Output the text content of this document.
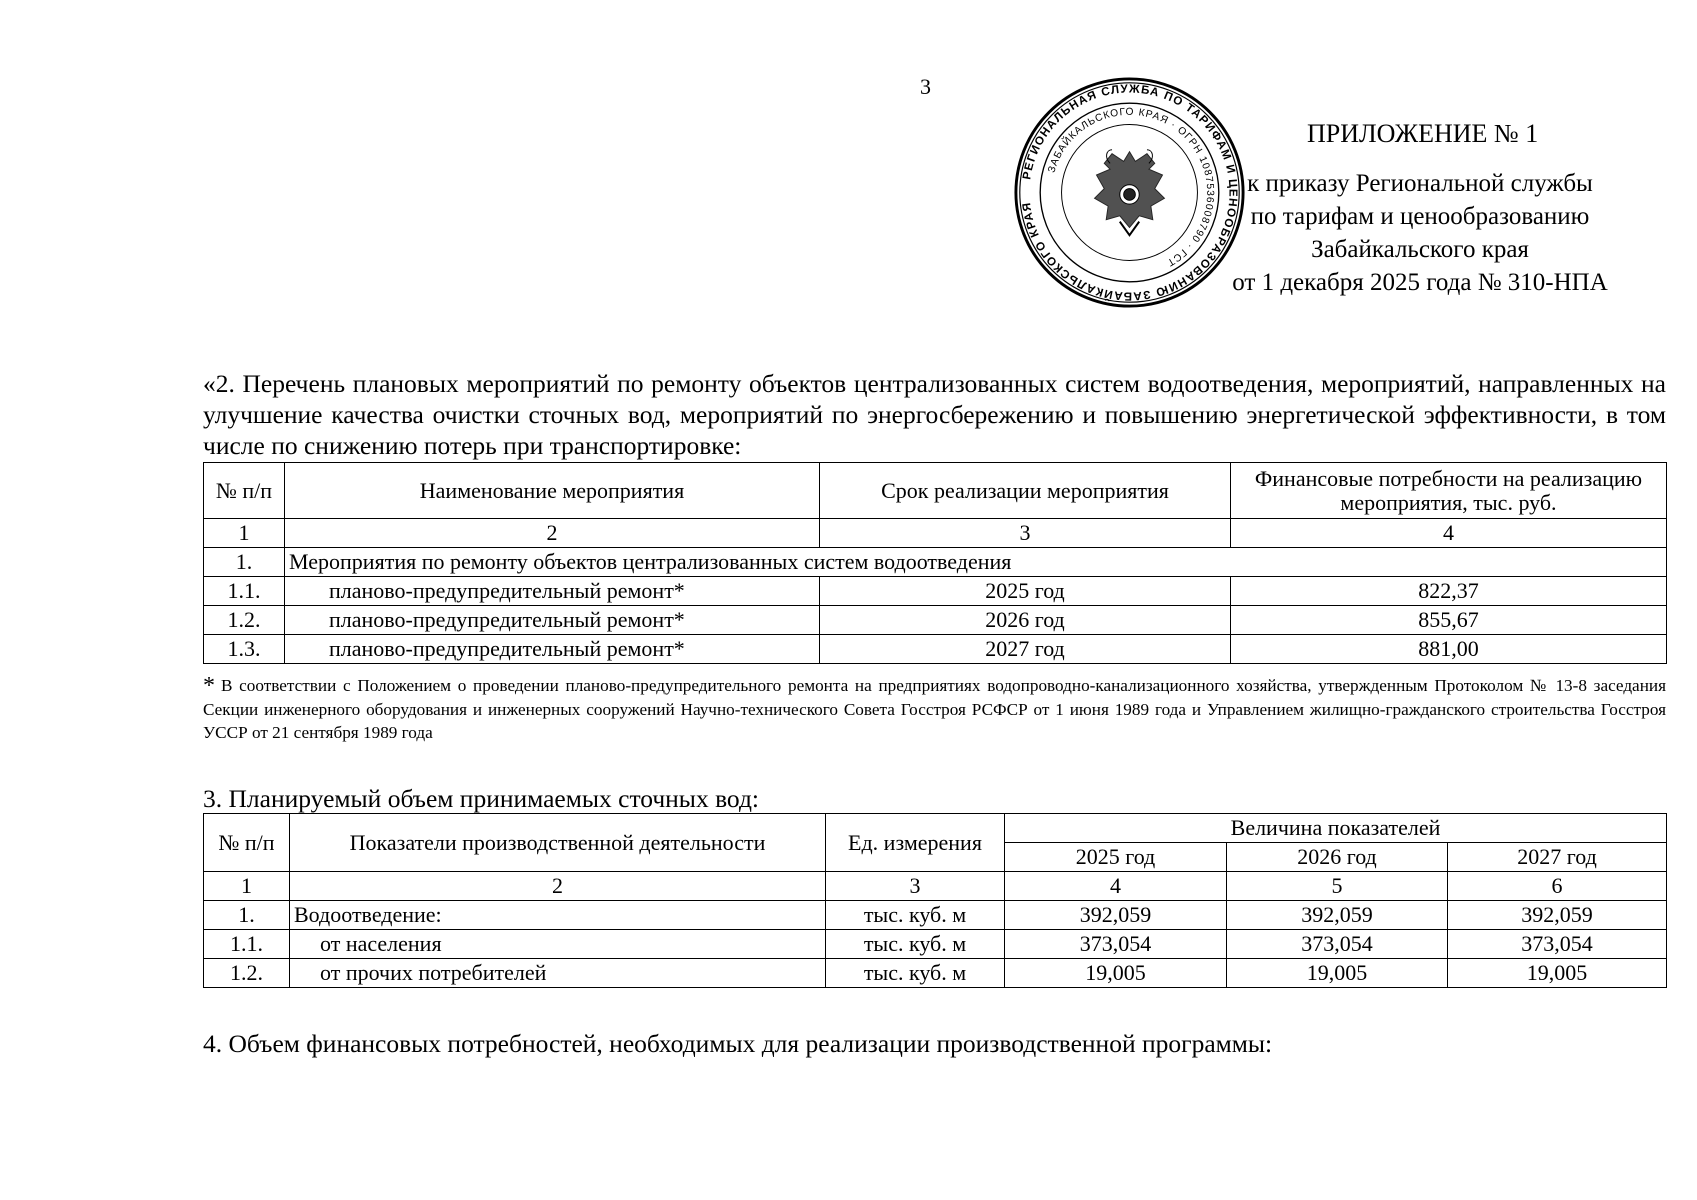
3
РЕГИОНАЛЬНАЯ СЛУЖБА ПО ТАРИФАМ И ЦЕНООБРАЗОВАНИЮ ЗАБАЙКАЛЬСКОГО КРАЯ
ЗАБАЙКАЛЬСКОГО КРАЯ · ОГРН 1087536008790 · ГСТ
ПРИЛОЖЕНИЕ № 1
к приказу Региональной службы
по тарифам и ценообразованию
Забайкальского края
от 1 декабря 2025 года № 310-НПА
«2. Перечень плановых мероприятий по ремонту объектов централизованных систем водоотведения, мероприятий, направленных на улучшение качества очистки сточных вод, мероприятий по энергосбережению и повышению энергетической эффективности, в том числе по снижению потерь при транспортировке:
№ п/п	Наименование мероприятия	Срок реализации мероприятия	Финансовые потребности на реализацию мероприятия, тыс. руб.
1	2	3	4
1.	Мероприятия по ремонту объектов централизованных систем водоотведения		
1.1.	планово-предупредительный ремонт*	2025 год	822,37
1.2.	планово-предупредительный ремонт*	2026 год	855,67
1.3.	планово-предупредительный ремонт*	2027 год	881,00
* В соответствии с Положением о проведении планово-предупредительного ремонта на предприятиях водопроводно-канализационного хозяйства, утвержденным Протоколом № 13-8 заседания Секции инженерного оборудования и инженерных сооружений Научно-технического Совета Госстроя РСФСР от 1 июня 1989 года и Управлением жилищно-гражданского строительства Госстроя УССР от 21 сентября 1989 года
3. Планируемый объем принимаемых сточных вод:
№ п/п	Показатели производственной деятельности	Ед. измерения	Величина показателей		
			2025 год	2026 год	2027 год
1	2	3	4	5	6
1.	Водоотведение:	тыс. куб. м	392,059	392,059	392,059
1.1.	от населения	тыс. куб. м	373,054	373,054	373,054
1.2.	от прочих потребителей	тыс. куб. м	19,005	19,005	19,005
4. Объем финансовых потребностей, необходимых для реализации производственной программы:
